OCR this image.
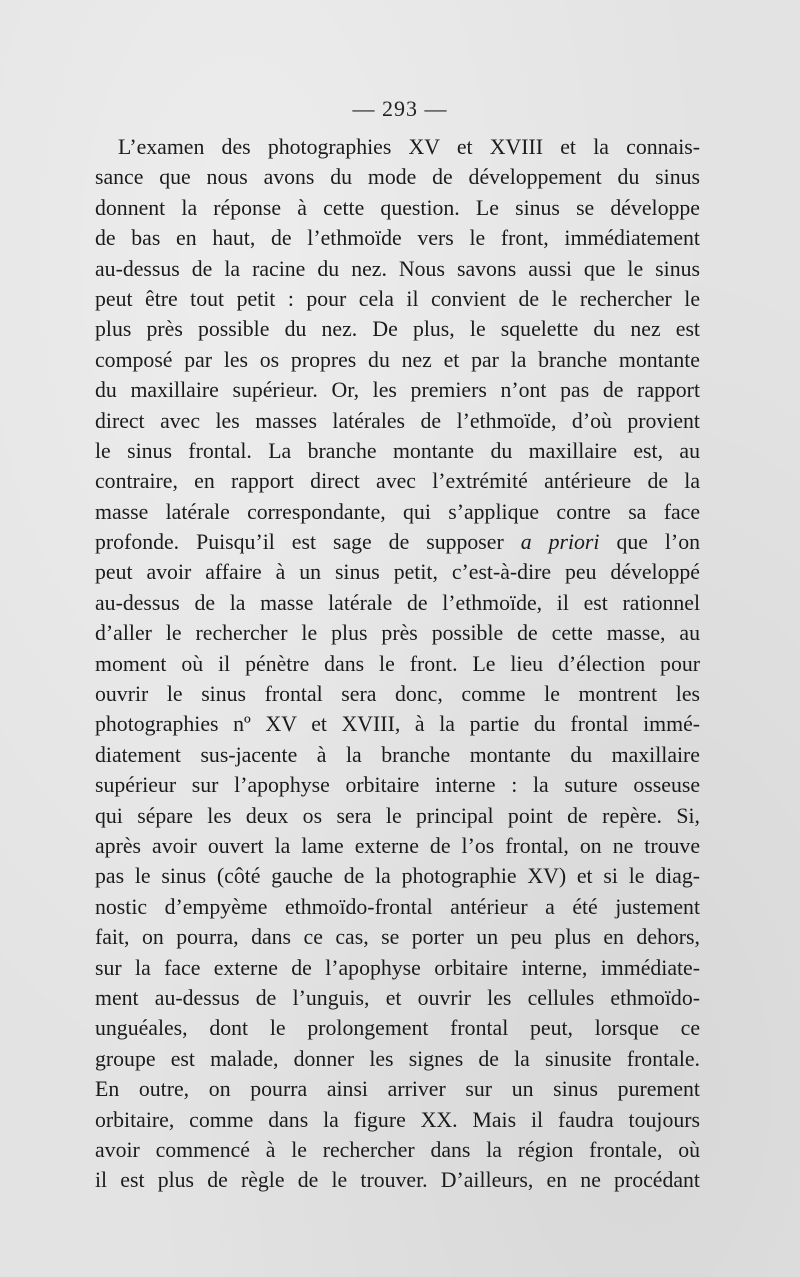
— 293 —
L’examen des photographies XV et XVIII et la connais-
sance que nous avons du mode de développement du sinus
donnent la réponse à cette question. Le sinus se développe
de bas en haut, de l’ethmoïde vers le front, immédiatement
au-dessus de la racine du nez. Nous savons aussi que le sinus
peut être tout petit : pour cela il convient de le rechercher le
plus près possible du nez. De plus, le squelette du nez est
composé par les os propres du nez et par la branche montante
du maxillaire supérieur. Or, les premiers n’ont pas de rapport
direct avec les masses latérales de l’ethmoïde, d’où provient
le sinus frontal. La branche montante du maxillaire est, au
contraire, en rapport direct avec l’extrémité antérieure de la
masse latérale correspondante, qui s’applique contre sa face
profonde. Puisqu’il est sage de supposer a priori que l’on
peut avoir affaire à un sinus petit, c’est-à-dire peu développé
au-dessus de la masse latérale de l’ethmoïde, il est rationnel
d’aller le rechercher le plus près possible de cette masse, au
moment où il pénètre dans le front. Le lieu d’élection pour
ouvrir le sinus frontal sera donc, comme le montrent les
photographies nº XV et XVIII, à la partie du frontal immé-
diatement sus-jacente à la branche montante du maxillaire
supérieur sur l’apophyse orbitaire interne : la suture osseuse
qui sépare les deux os sera le principal point de repère. Si,
après avoir ouvert la lame externe de l’os frontal, on ne trouve
pas le sinus (côté gauche de la photographie XV) et si le diag-
nostic d’empyème ethmoïdo-frontal antérieur a été justement
fait, on pourra, dans ce cas, se porter un peu plus en dehors,
sur la face externe de l’apophyse orbitaire interne, immédiate-
ment au-dessus de l’unguis, et ouvrir les cellules ethmoïdo-
unguéales, dont le prolongement frontal peut, lorsque ce
groupe est malade, donner les signes de la sinusite frontale.
En outre, on pourra ainsi arriver sur un sinus purement
orbitaire, comme dans la figure XX. Mais il faudra toujours
avoir commencé à le rechercher dans la région frontale, où
il est plus de règle de le trouver. D’ailleurs, en ne procédant
